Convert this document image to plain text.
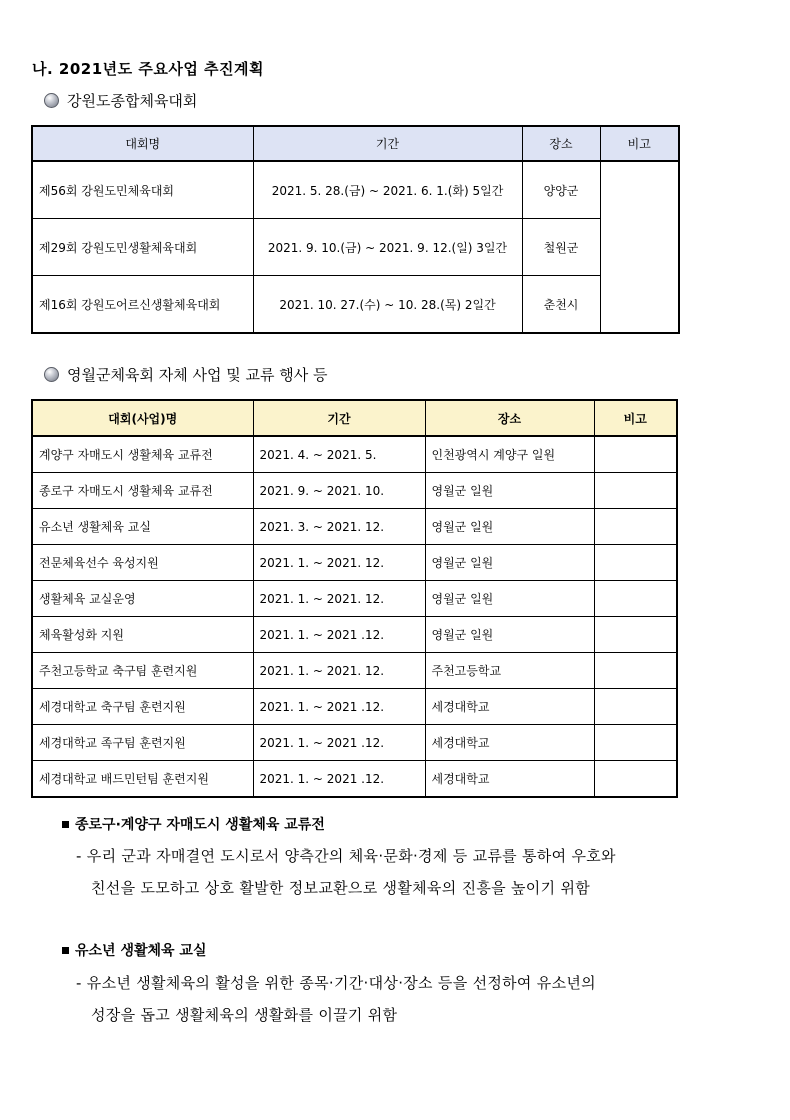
나. 2021년도 주요사업 추진계획
강원도종합체육대회
대회명	기간	장소	비고
제56회 강원도민체육대회	2021. 5. 28.(금) ~ 2021. 6. 1.(화) 5일간	양양군	
제29회 강원도민생활체육대회	2021. 9. 10.(금) ~ 2021. 9. 12.(일) 3일간	철원군	
제16회 강원도어르신생활체육대회	2021. 10. 27.(수) ~ 10. 28.(목) 2일간	춘천시	
영월군체육회 자체 사업 및 교류 행사 등
대회(사업)명	기간	장소	비고
계양구 자매도시 생활체육 교류전	2021. 4. ~ 2021. 5.	인천광역시 계양구 일원	
종로구 자매도시 생활체육 교류전	2021. 9. ~ 2021. 10.	영월군 일원	
유소년 생활체육 교실	2021. 3. ~ 2021. 12.	영월군 일원	
전문체육선수 육성지원	2021. 1. ~ 2021. 12.	영월군 일원	
생활체육 교실운영	2021. 1. ~ 2021. 12.	영월군 일원	
체육활성화 지원	2021. 1. ~ 2021 .12.	영월군 일원	
주천고등학교 축구팀 훈련지원	2021. 1. ~ 2021. 12.	주천고등학교	
세경대학교 축구팀 훈련지원	2021. 1. ~ 2021 .12.	세경대학교	
세경대학교 족구팀 훈련지원	2021. 1. ~ 2021 .12.	세경대학교	
세경대학교 배드민턴팀 훈련지원	2021. 1. ~ 2021 .12.	세경대학교	
종로구·계양구 자매도시 생활체육 교류전
- 우리 군과 자매결연 도시로서 양측간의 체육·문화·경제 등 교류를 통하여 우호와
친선을 도모하고 상호 활발한 정보교환으로 생활체육의 진흥을 높이기 위함
유소년 생활체육 교실
- 유소년 생활체육의 활성을 위한 종목·기간·대상·장소 등을 선정하여 유소년의
성장을 돕고 생활체육의 생활화를 이끌기 위함
